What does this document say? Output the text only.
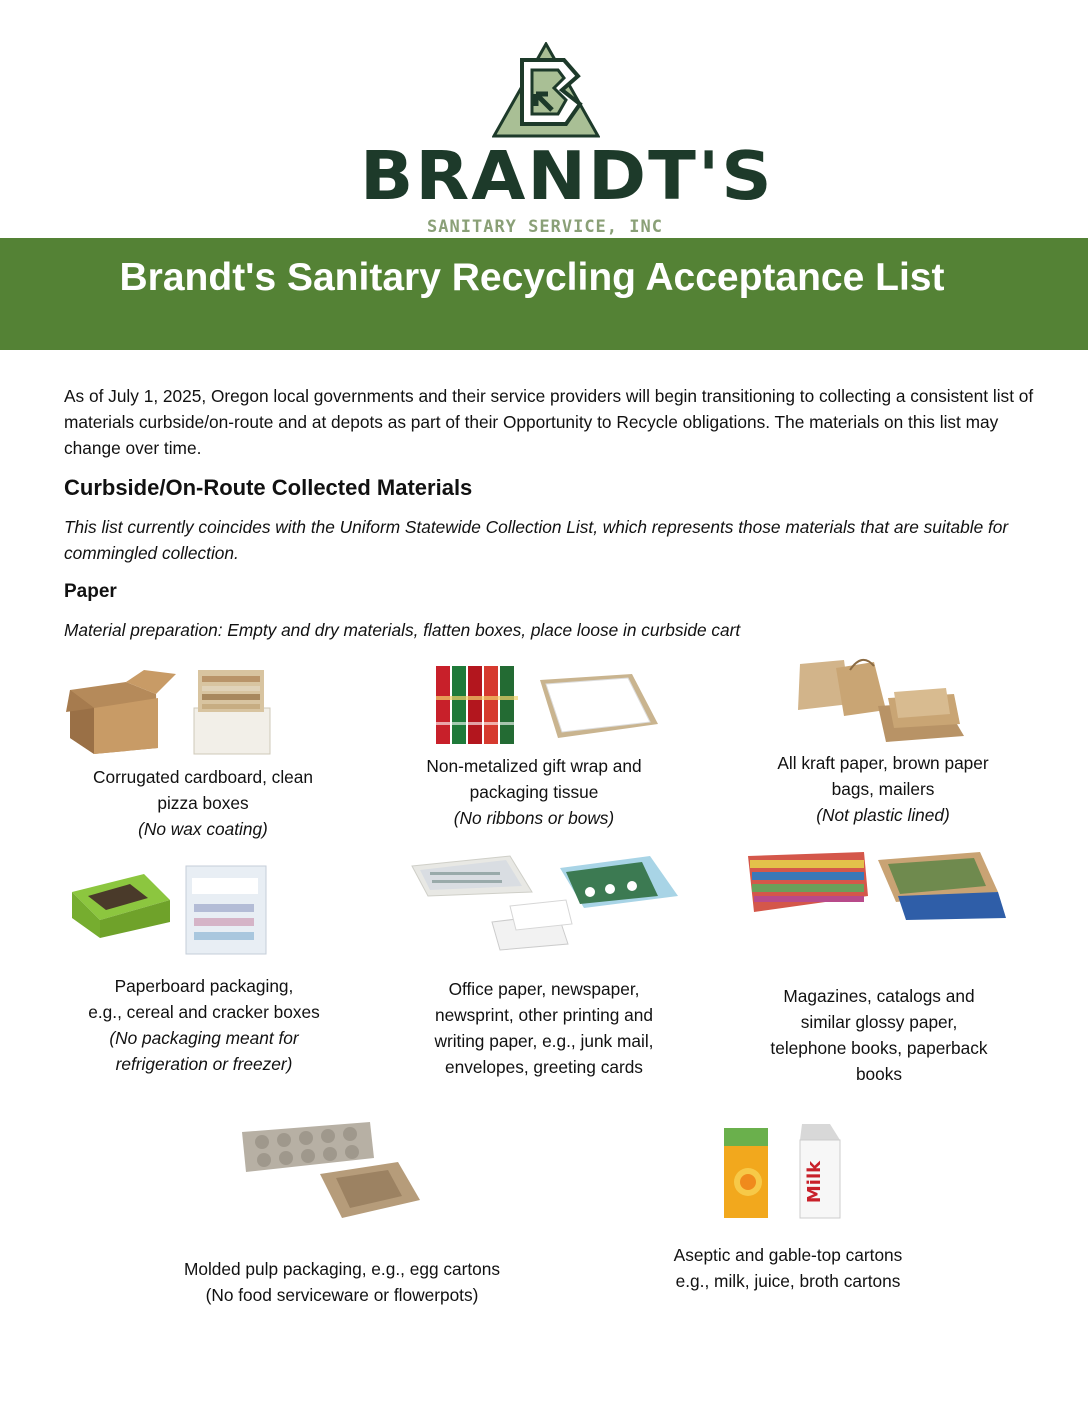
BRANDT'S
SANITARY SERVICE, INC
Brandt's Sanitary Recycling Acceptance List
As of July 1, 2025, Oregon local governments and their service providers will begin transitioning to collecting a consistent list of materials curbside/on-route and at depots as part of their Opportunity to Recycle obligations. The materials on this list may change over time.
Curbside/On-Route Collected Materials
This list currently coincides with the Uniform Statewide Collection List, which represents those materials that are suitable for commingled collection.
Paper
Material preparation: Empty and dry materials, flatten boxes, place loose in curbside cart
Corrugated cardboard, clean
pizza boxes
(No wax coating)
Non-metalized gift wrap and
packaging tissue
(No ribbons or bows)
All kraft paper, brown paper
bags, mailers
(Not plastic lined)
Paperboard packaging,
e.g., cereal and cracker boxes
(No packaging meant for
refrigeration or freezer)
Office paper, newspaper,
newsprint, other printing and
writing paper, e.g., junk mail,
envelopes, greeting cards
Magazines, catalogs and
similar glossy paper,
telephone books, paperback
books
Molded pulp packaging, e.g., egg cartons
(No food serviceware or flowerpots)
Milk
Aseptic and gable-top cartons
e.g., milk, juice, broth cartons
